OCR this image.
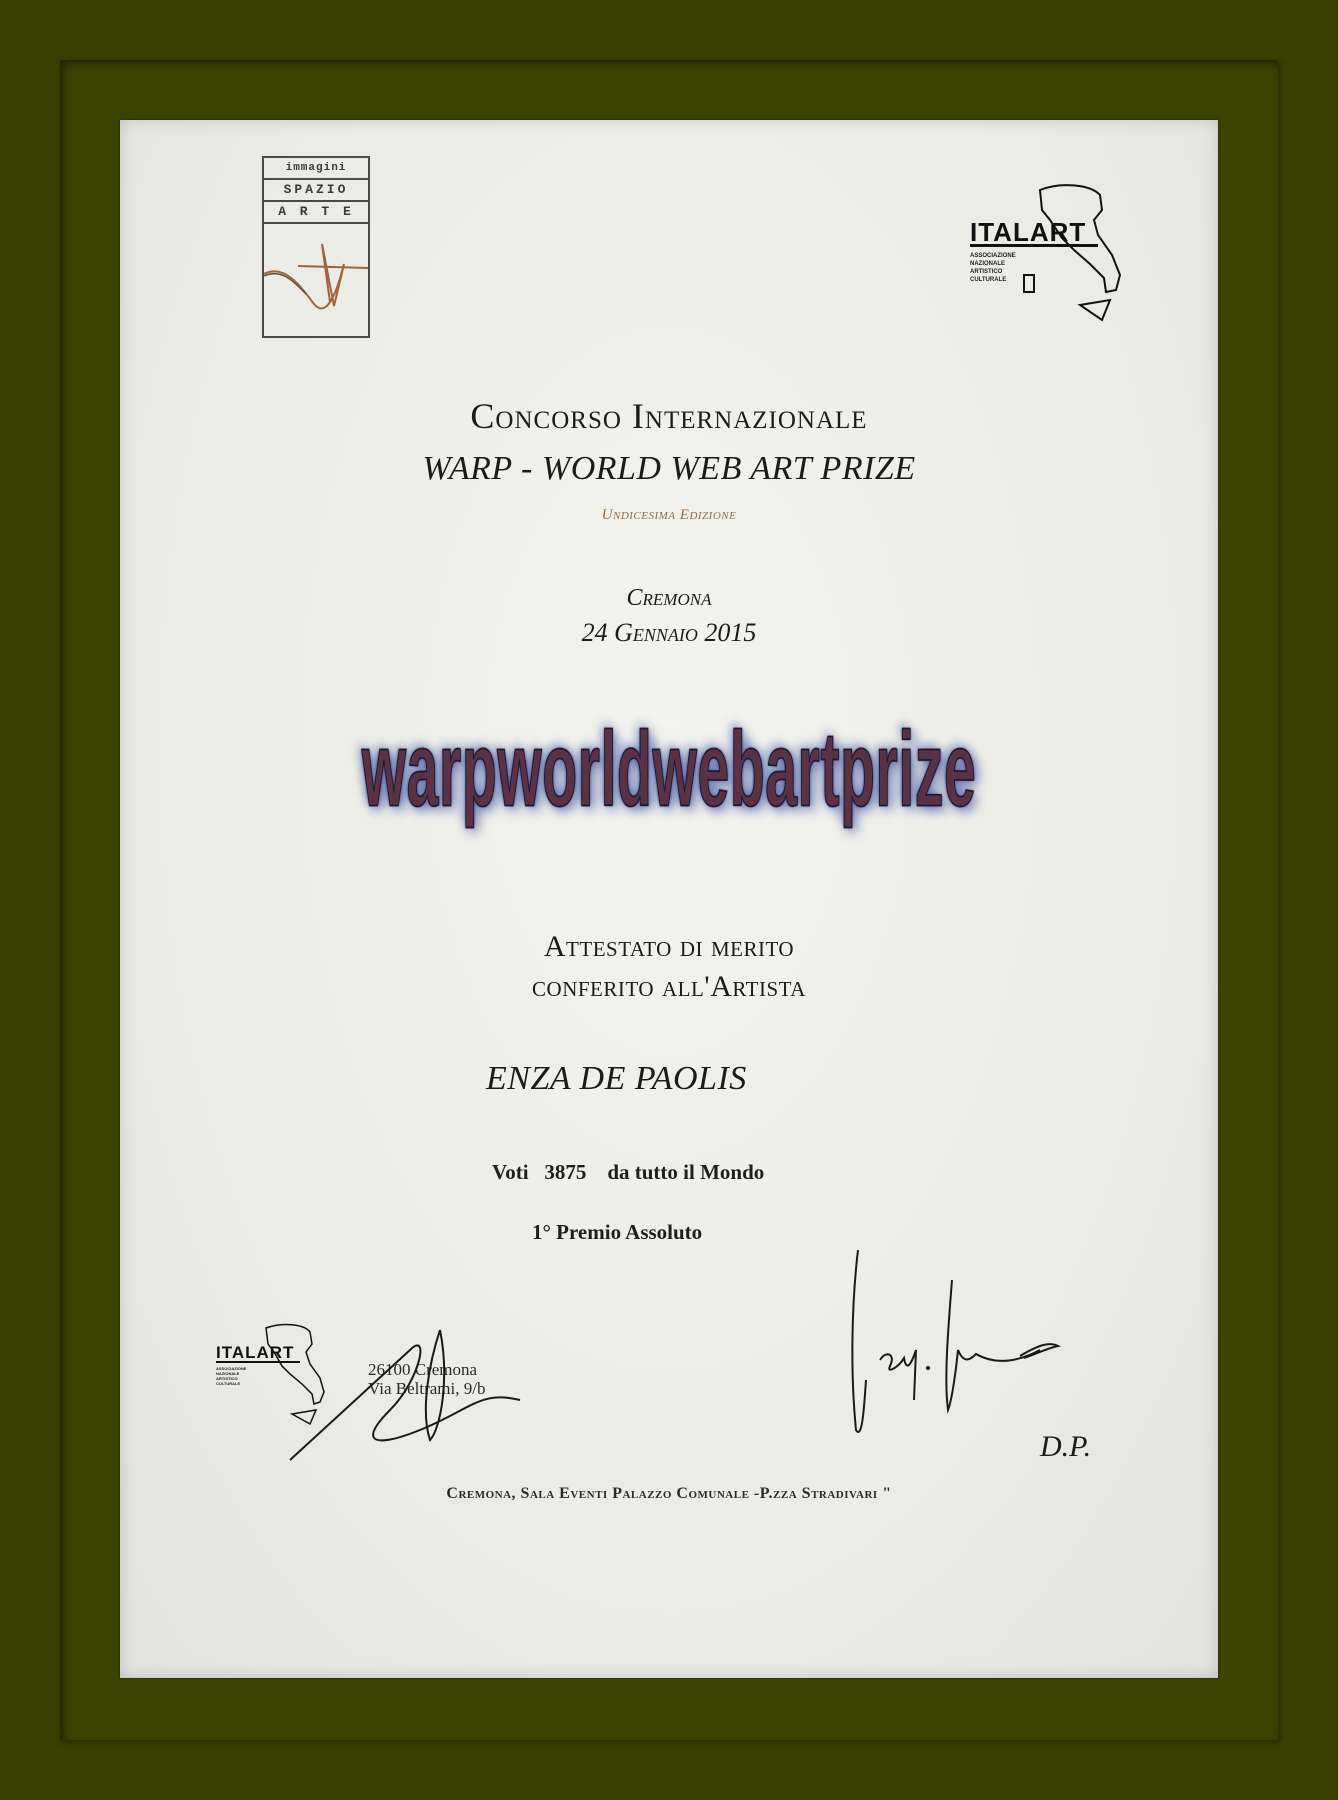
immagini
SPAZIO
A R T E
ITALART
ASSOCIAZIONE
NAZIONALE
ARTISTICO
CULTURALE
Concorso Internazionale
WARP - WORLD WEB ART PRIZE
Undicesima Edizione
Cremona
24 Gennaio 2015
warpworldwebartprize
Attestato di merito
conferito all'Artista
ENZA DE PAOLIS
Voti   3875    da tutto il Mondo
1° Premio Assoluto
ITALART
ASSOCIAZIONE
NAZIONALE
ARTISTICO
CULTURALE
26100 Cremona
Via Beltrami, 9/b
D.P.
Cremona, Sala Eventi Palazzo Comunale -P.zza Stradivari "
